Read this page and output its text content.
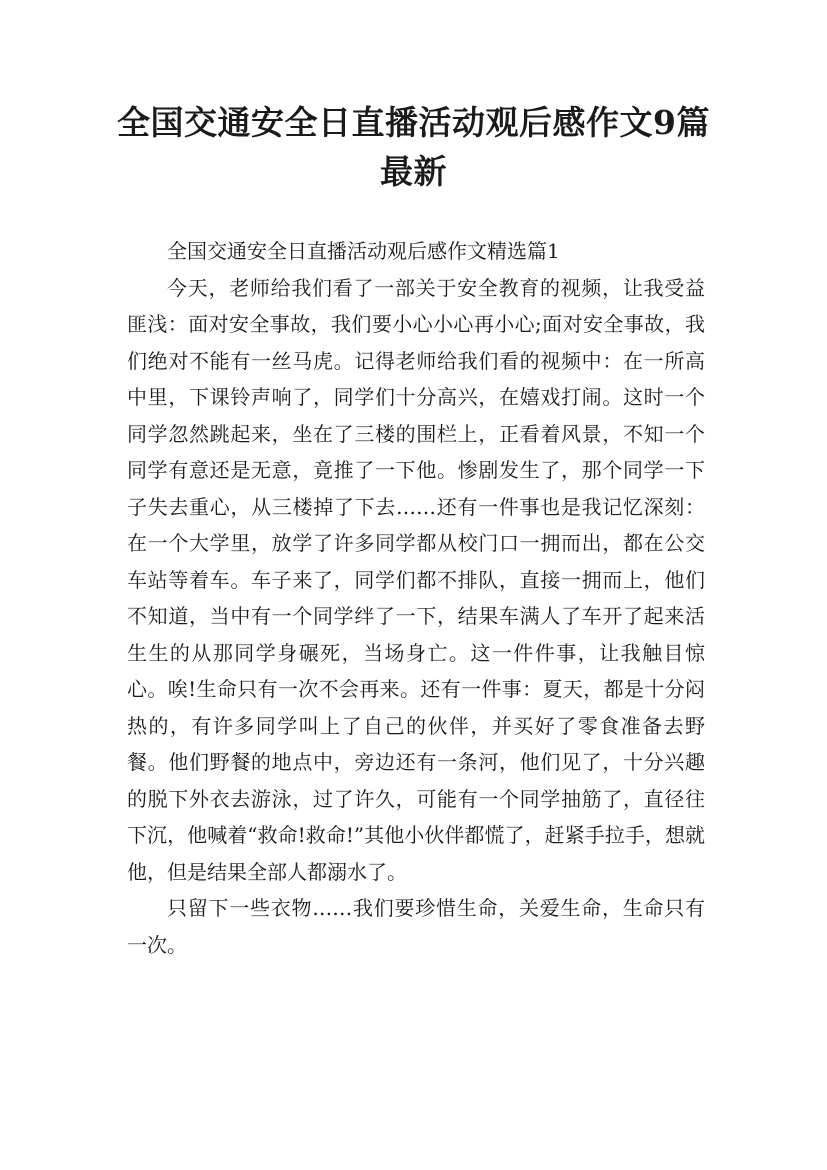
全国交通安全日直播活动观后感作文9篇最新

全国交通安全日直播活动观后感作文精选篇1

今天，老师给我们看了一部关于安全教育的视频，让我受益匪浅：面对安全事故，我们要小心小心再小心;面对安全事故，我们绝对不能有一丝马虎。记得老师给我们看的视频中：在一所高中里，下课铃声响了，同学们十分高兴，在嬉戏打闹。这时一个同学忽然跳起来，坐在了三楼的围栏上，正看着风景，不知一个同学有意还是无意，竟推了一下他。惨剧发生了，那个同学一下子失去重心，从三楼掉了下去……还有一件事也是我记忆深刻：在一个大学里，放学了许多同学都从校门口一拥而出，都在公交车站等着车。车子来了，同学们都不排队，直接一拥而上，他们不知道，当中有一个同学绊了一下，结果车满人了车开了起来活生生的从那同学身碾死，当场身亡。这一件件事，让我触目惊心。唉!生命只有一次不会再来。还有一件事：夏天，都是十分闷热的，有许多同学叫上了自己的伙伴，并买好了零食准备去野餐。他们野餐的地点中，旁边还有一条河，他们见了，十分兴趣的脱下外衣去游泳，过了许久，可能有一个同学抽筋了，直径往下沉，他喊着“救命!救命!”其他小伙伴都慌了，赶紧手拉手，想就他，但是结果全部人都溺水了。

只留下一些衣物……我们要珍惜生命，关爱生命，生命只有一次。
